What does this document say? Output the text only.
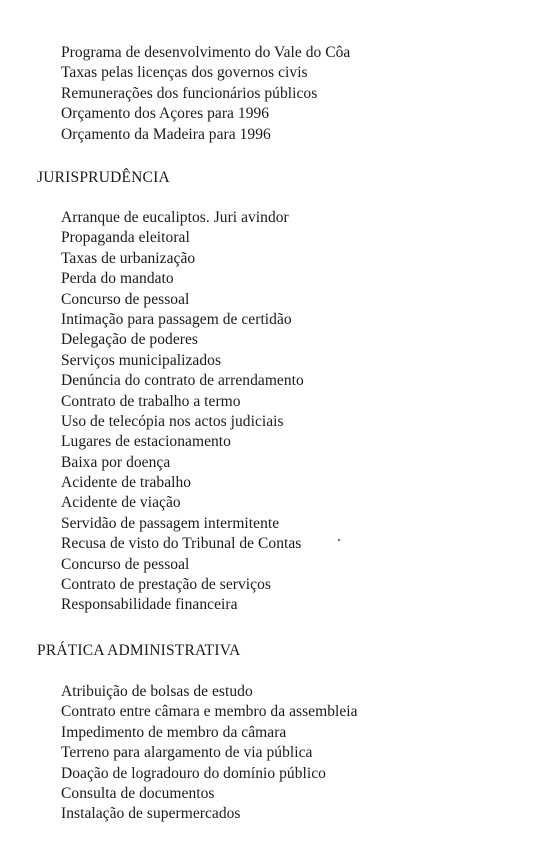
Programa de desenvolvimento do Vale do Côa
Taxas pelas licenças dos governos civis
Remunerações dos funcionários públicos
Orçamento dos Açores para 1996
Orçamento da Madeira para 1996
JURISPRUDÊNCIA
Arranque de eucaliptos. Juri avindor
Propaganda eleitoral
Taxas de urbanização
Perda do mandato
Concurso de pessoal
Intimação para passagem de certidão
Delegação de poderes
Serviços municipalizados
Denúncia do contrato de arrendamento
Contrato de trabalho a termo
Uso de telecópia nos actos judiciais
Lugares de estacionamento
Baixa por doença
Acidente de trabalho
Acidente de viação
Servidão de passagem intermitente
Recusa de visto do Tribunal de Contas
Concurso de pessoal
Contrato de prestação de serviços
Responsabilidade financeira
PRÁTICA ADMINISTRATIVA
Atribuição de bolsas de estudo
Contrato entre câmara e membro da assembleia
Impedimento de membro da câmara
Terreno para alargamento de via pública
Doação de logradouro do domínio público
Consulta de documentos
Instalação de supermercados
